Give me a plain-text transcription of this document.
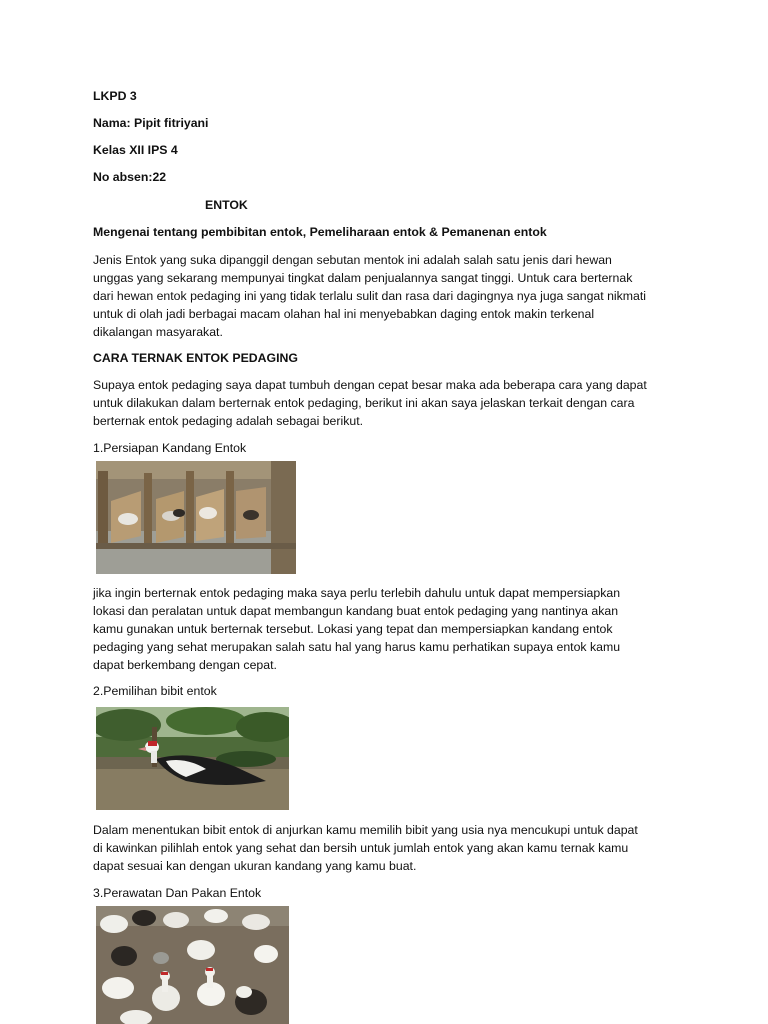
LKPD 3
Nama: Pipit fitriyani
Kelas XII IPS 4
No absen:22
ENTOK
Mengenai tentang pembibitan entok, Pemeliharaan entok & Pemanenan entok
Jenis Entok yang suka dipanggil dengan sebutan mentok ini adalah salah satu jenis dari hewan
unggas yang sekarang mempunyai tingkat dalam penjualannya sangat tinggi. Untuk cara berternak
dari hewan entok pedaging ini yang tidak terlalu sulit dan rasa dari dagingnya nya juga sangat nikmati
untuk di olah jadi berbagai macam olahan hal ini menyebabkan daging entok makin terkenal
dikalangan masyarakat.
CARA TERNAK ENTOK PEDAGING
Supaya entok pedaging saya dapat tumbuh dengan cepat besar maka ada beberapa cara yang dapat
untuk dilakukan dalam berternak entok pedaging, berikut ini akan saya jelaskan terkait dengan cara
berternak entok pedaging adalah sebagai berikut.
1.Persiapan Kandang Entok
jika ingin berternak entok pedaging maka saya perlu terlebih dahulu untuk dapat mempersiapkan
lokasi dan peralatan untuk dapat membangun kandang buat entok pedaging yang nantinya akan
kamu gunakan untuk berternak tersebut. Lokasi yang tepat dan mempersiapkan kandang entok
pedaging yang sehat merupakan salah satu hal yang harus kamu perhatikan supaya entok kamu
dapat berkembang dengan cepat.
2.Pemilihan bibit entok
Dalam menentukan bibit entok di anjurkan kamu memilih bibit yang usia nya mencukupi untuk dapat
di kawinkan pilihlah entok yang sehat dan bersih untuk jumlah entok yang akan kamu ternak kamu
dapat sesuai kan dengan ukuran kandang yang kamu buat.
3.Perawatan Dan Pakan Entok
